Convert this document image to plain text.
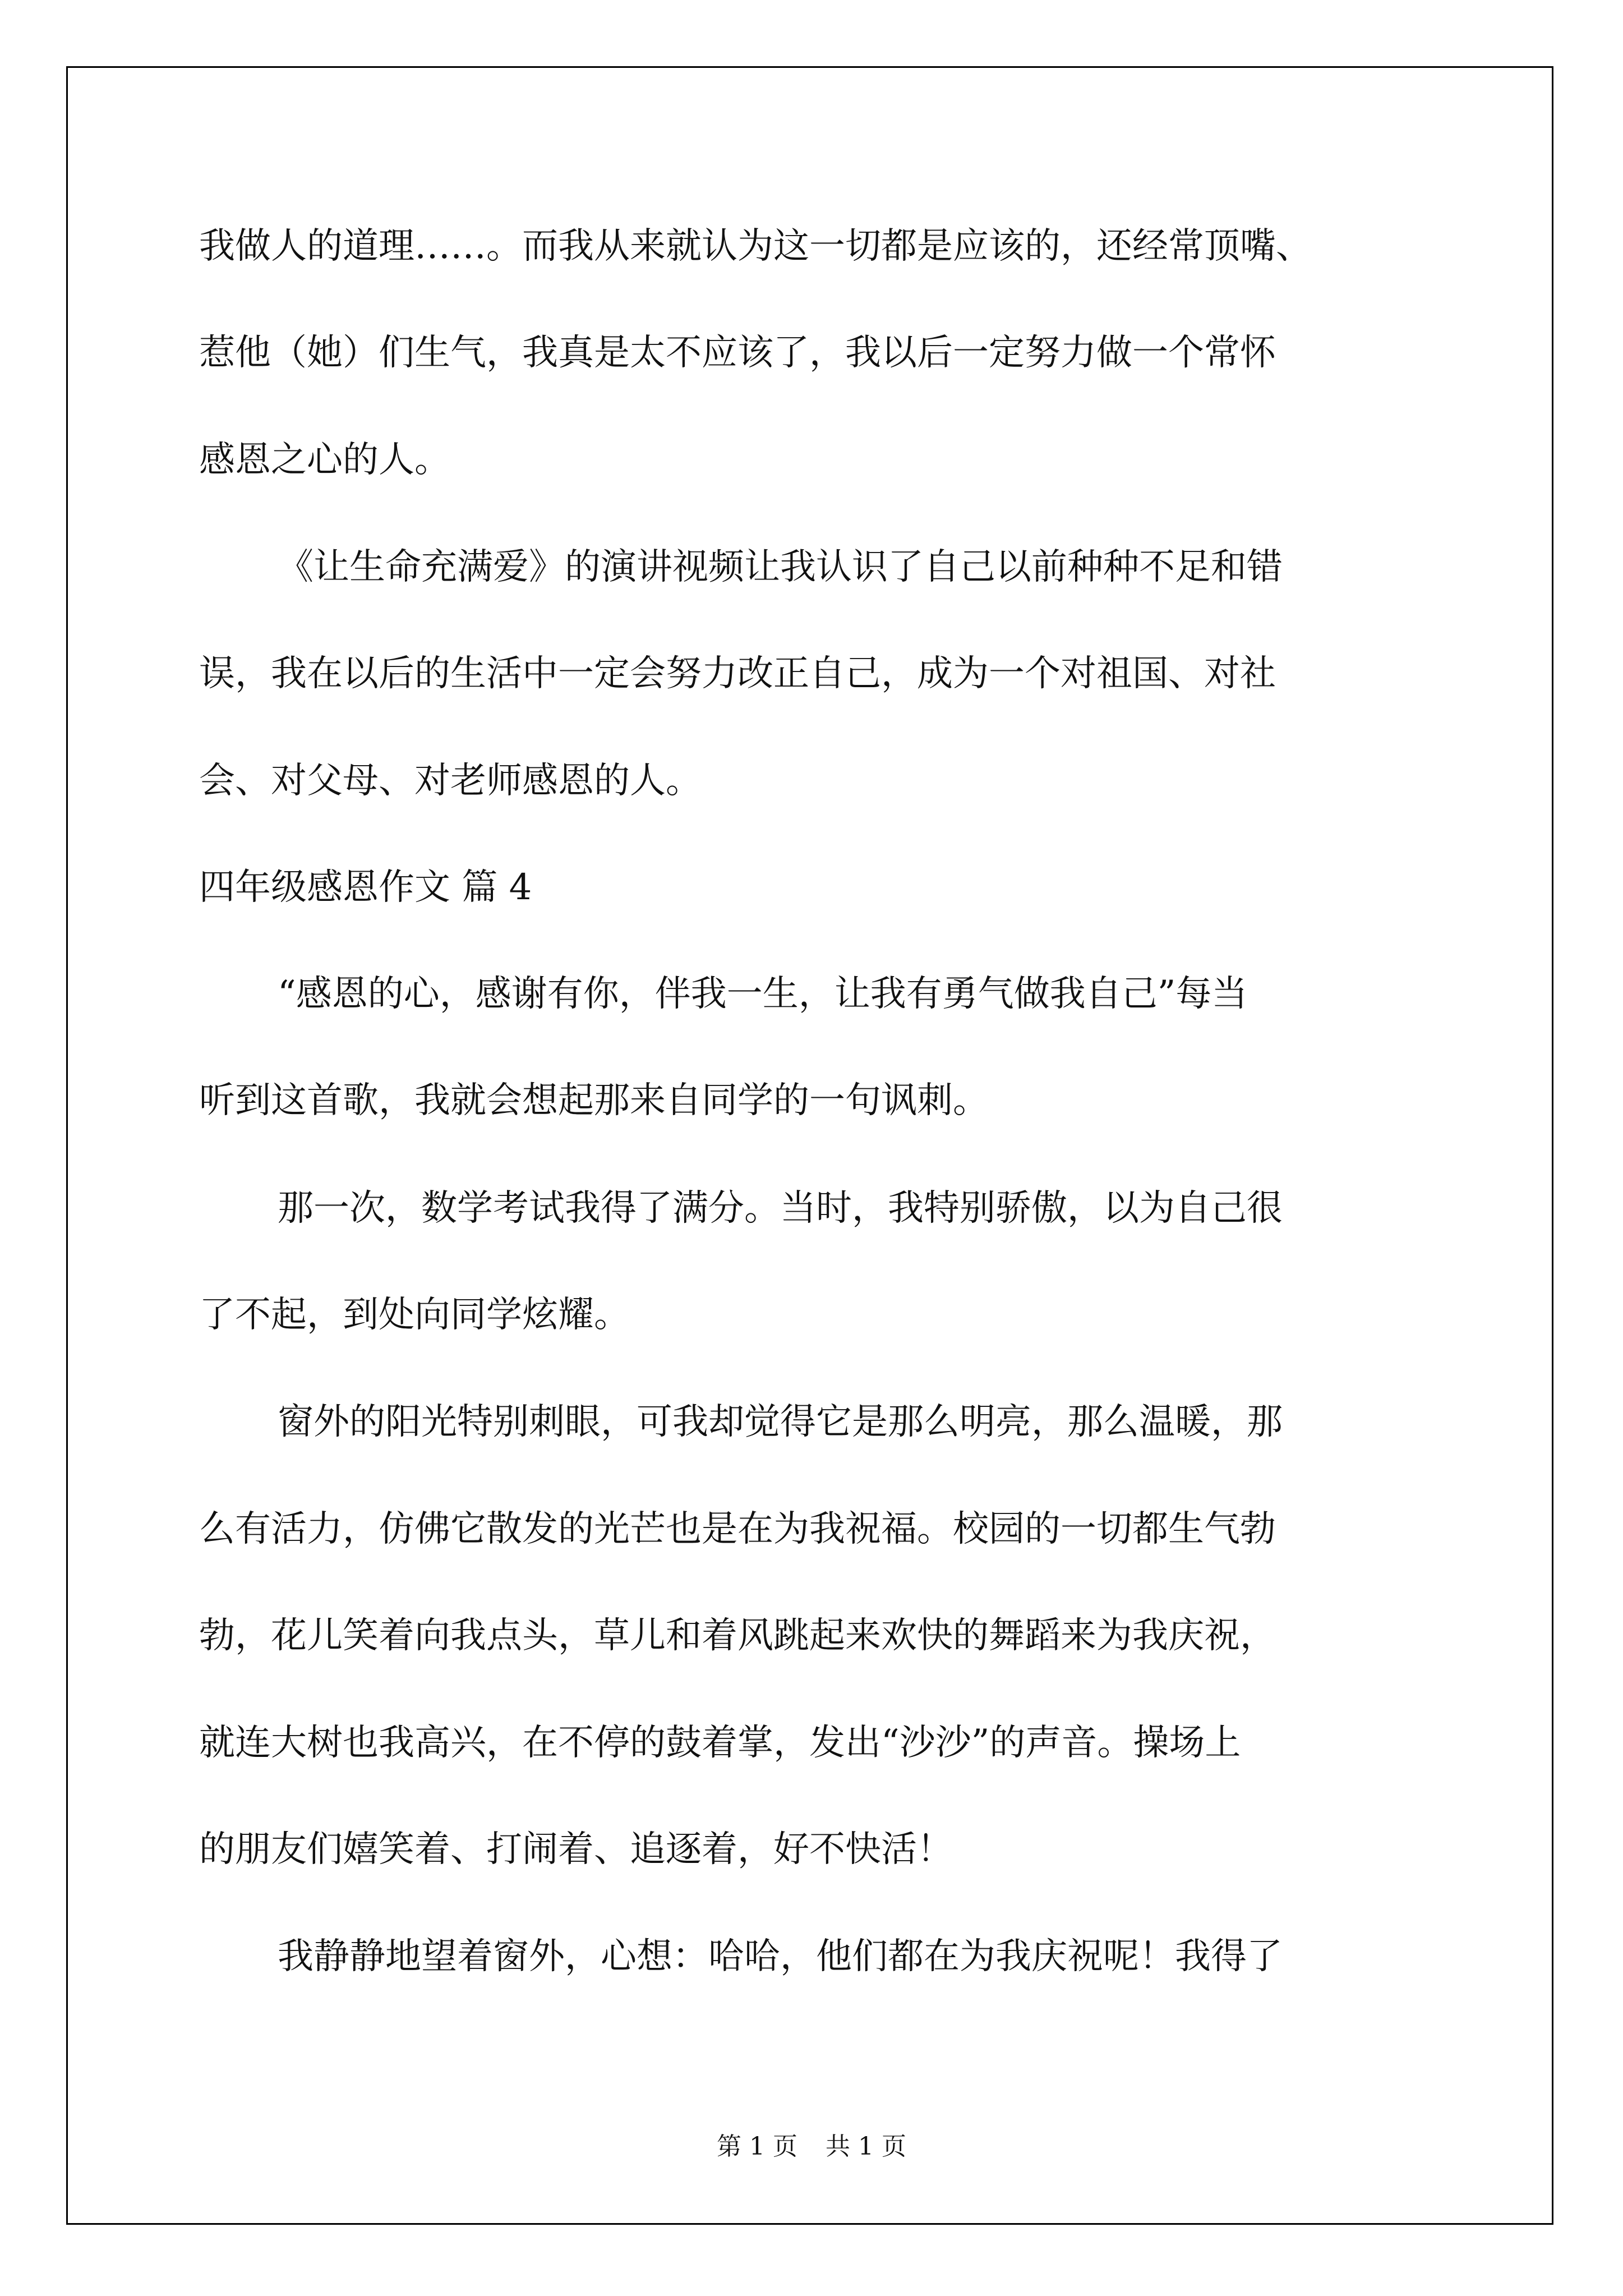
我做人的道理……。而我从来就认为这一切都是应该的，还经常顶嘴、
惹他（她）们生气，我真是太不应该了，我以后一定努力做一个常怀
感恩之心的人。
《让生命充满爱》的演讲视频让我认识了自己以前种种不足和错
误，我在以后的生活中一定会努力改正自己，成为一个对祖国、对社
会、对父母、对老师感恩的人。
四年级感恩作文 篇 4
“感恩的心，感谢有你，伴我一生，让我有勇气做我自己”每当
听到这首歌，我就会想起那来自同学的一句讽刺。
那一次，数学考试我得了满分。当时，我特别骄傲，以为自己很
了不起，到处向同学炫耀。
窗外的阳光特别刺眼，可我却觉得它是那么明亮，那么温暖，那
么有活力，仿佛它散发的光芒也是在为我祝福。校园的一切都生气勃
勃，花儿笑着向我点头，草儿和着风跳起来欢快的舞蹈来为我庆祝，
就连大树也我高兴，在不停的鼓着掌，发出“沙沙”的声音。操场上
的朋友们嬉笑着、打闹着、追逐着，好不快活！
我静静地望着窗外，心想：哈哈，他们都在为我庆祝呢！我得了
第 1 页 共 1 页
